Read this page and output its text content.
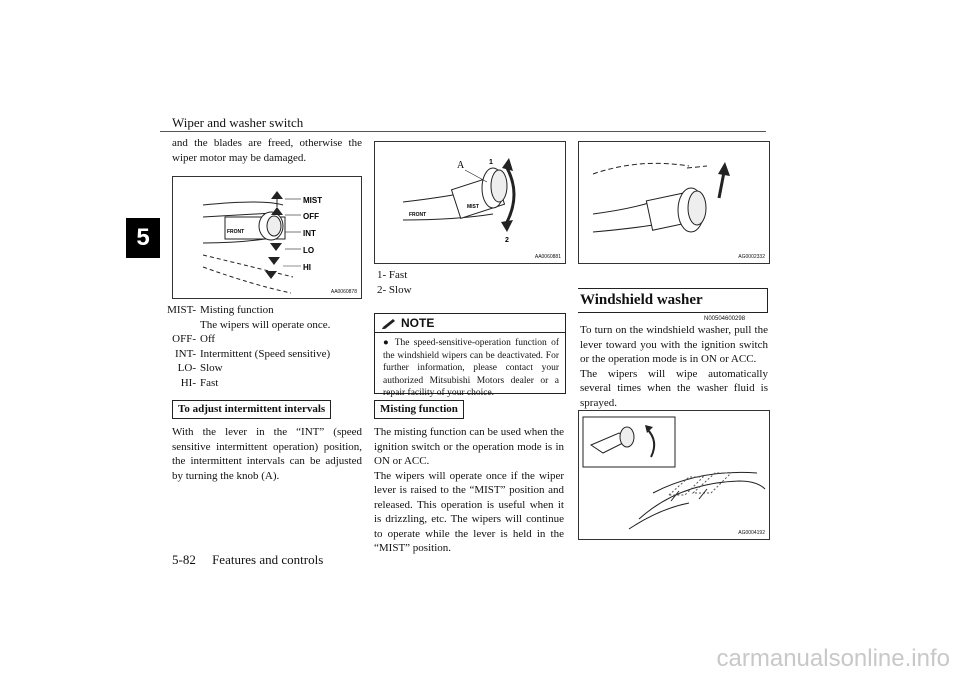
Wiper and washer switch
5
and the blades are freed, otherwise the wiper motor may be damaged.
FRONT
MIST
OFF
INT
LO
HI
AA0060878
MIST- Misting function
The wipers will operate once.
OFF- Off
INT- Intermittent (Speed sensitive)
LO- Slow
HI- Fast
To adjust intermittent intervals
With the lever in the “INT” (speed sensitive intermittent operation) position, the intermittent intervals can be adjusted by turning the knob (A).
FRONT
MIST
A	1
2
AA0060881
1- Fast
2- Slow
NOTE
● The speed-sensitive-operation function of the windshield wipers can be deactivated. For further information, please contact your authorized Mitsubishi Motors dealer or a repair facility of your choice.
Misting function
The misting function can be used when the ignition switch or the operation mode is in ON or ACC.
The wipers will operate once if the wiper lever is raised to the “MIST” position and released. This operation is useful when it is drizzling, etc. The wipers will continue to operate while the lever is held in the “MIST” position.
AG0002332
Windshield washer
N00504600298
To turn on the windshield washer, pull the lever toward you with the ignition switch or the operation mode is in ON or ACC.
The wipers will wipe automatically several times when the washer fluid is sprayed.

AG0004192
5-82     Features and controls
carmanualsonline.info
